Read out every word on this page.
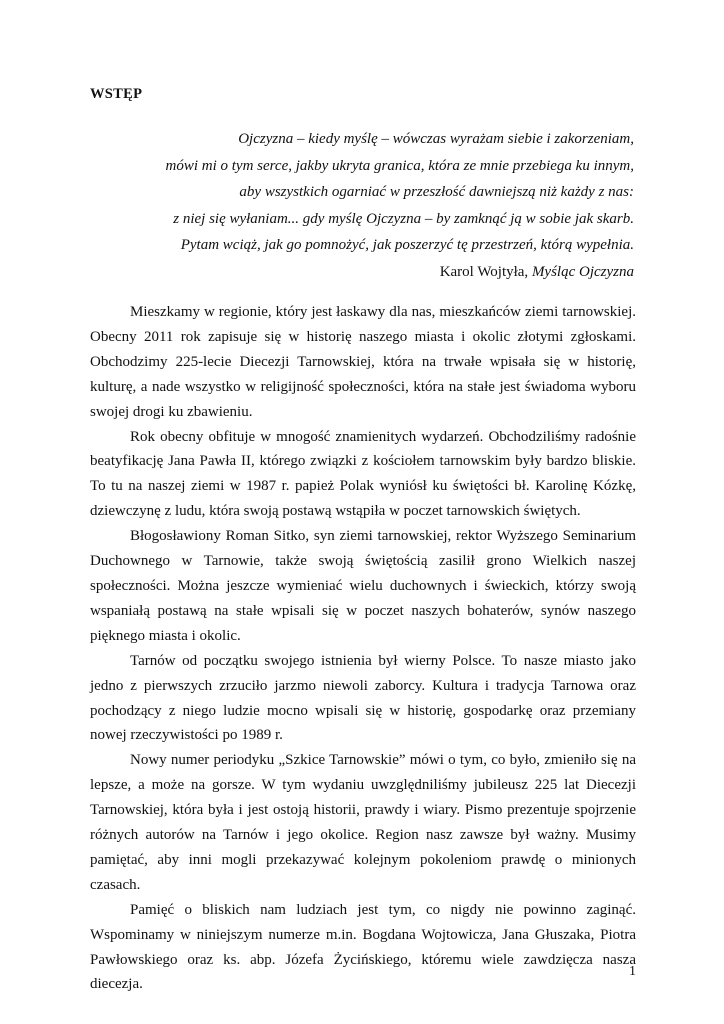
WSTĘP
Ojczyzna – kiedy myślę – wówczas wyrażam siebie i zakorzeniam,
mówi mi o tym serce, jakby ukryta granica, która ze mnie przebiega ku innym,
aby wszystkich ogarniać w przeszłość dawniejszą niż każdy z nas:
z niej się wyłaniam... gdy myślę Ojczyzna – by zamknąć ją w sobie jak skarb.
Pytam wciąż, jak go pomnożyć, jak poszerzyć tę przestrzeń, którą wypełnia.
Karol Wojtyła, Myśląc Ojczyzna

Mieszkamy w regionie, który jest łaskawy dla nas, mieszkańców ziemi tarnowskiej. Obecny 2011 rok zapisuje się w historię naszego miasta i okolic złotymi zgłoskami. Obchodzimy 225-lecie Diecezji Tarnowskiej, która na trwałe wpisała się w historię, kulturę, a nade wszystko w religijność społeczności, która na stałe jest świadoma wyboru swojej drogi ku zbawieniu.

Rok obecny obfituje w mnogość znamienitych wydarzeń. Obchodziliśmy radośnie beatyfikację Jana Pawła II, którego związki z kościołem tarnowskim były bardzo bliskie. To tu na naszej ziemi w 1987 r. papież Polak wyniósł ku świętości bł. Karolinę Kózkę, dziewczynę z ludu, która swoją postawą wstąpiła w poczet tarnowskich świętych.

Błogosławiony Roman Sitko, syn ziemi tarnowskiej, rektor Wyższego Seminarium Duchownego w Tarnowie, także swoją świętością zasilił grono Wielkich naszej społeczności. Można jeszcze wymieniać wielu duchownych i świeckich, którzy swoją wspaniałą postawą na stałe wpisali się w poczet naszych bohaterów, synów naszego pięknego miasta i okolic.

Tarnów od początku swojego istnienia był wierny Polsce. To nasze miasto jako jedno z pierwszych zrzuciło jarzmo niewoli zaborcy. Kultura i tradycja Tarnowa oraz pochodzący z niego ludzie mocno wpisali się w historię, gospodarkę oraz przemiany nowej rzeczywistości po 1989 r.

Nowy numer periodyku „Szkice Tarnowskie” mówi o tym, co było, zmieniło się na lepsze, a może na gorsze. W tym wydaniu uwzględniliśmy jubileusz 225 lat Diecezji Tarnowskiej, która była i jest ostoją historii, prawdy i wiary. Pismo prezentuje spojrzenie różnych autorów na Tarnów i jego okolice. Region nasz zawsze był ważny. Musimy pamiętać, aby inni mogli przekazywać kolejnym pokoleniom prawdę o minionych czasach.

Pamięć o bliskich nam ludziach jest tym, co nigdy nie powinno zaginąć. Wspominamy w niniejszym numerze m.in. Bogdana Wojtowicza, Jana Głuszaka, Piotra Pawłowskiego oraz ks. abp. Józefa Życińskiego, któremu wiele zawdzięcza nasza diecezja.

1
